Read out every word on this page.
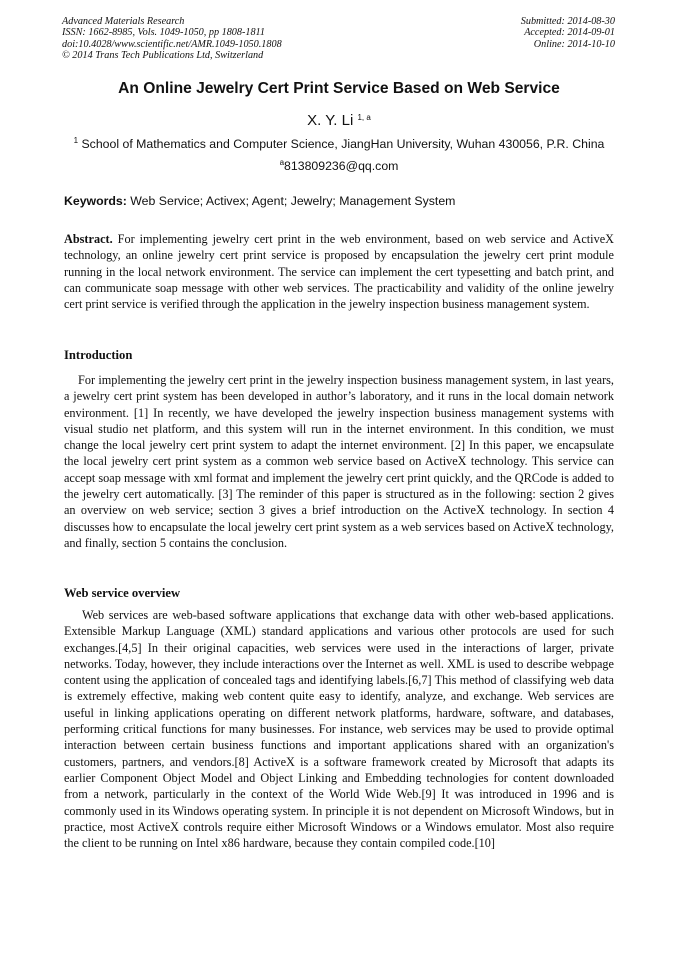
Advanced Materials Research
ISSN: 1662-8985, Vols. 1049-1050, pp 1808-1811
doi:10.4028/www.scientific.net/AMR.1049-1050.1808
© 2014 Trans Tech Publications Ltd, Switzerland
Submitted: 2014-08-30
Accepted: 2014-09-01
Online: 2014-10-10
An Online Jewelry Cert Print Service Based on Web Service
X. Y. Li $^{1, a}$
$^1$ School of Mathematics and Computer Science, JiangHan University, Wuhan 430056, P.R. China
$^a$813809236@qq.com
Keywords: Web Service; Activex; Agent; Jewelry; Management System

Abstract. For implementing jewelry cert print in the web environment, based on web service and ActiveX technology, an online jewelry cert print service is proposed by encapsulation the jewelry cert print module running in the local network environment. The service can implement the cert typesetting and batch print, and can communicate soap message with other web services. The practicability and validity of the online jewelry cert print service is verified through the application in the jewelry inspection business management system.

Introduction

For implementing the jewelry cert print in the jewelry inspection business management system, in last years, a jewelry cert print system has been developed in author’s laboratory, and it runs in the local domain network environment. [1] In recently, we have developed the jewelry inspection business management systems with visual studio net platform, and this system will run in the internet environment. In this condition, we must change the local jewelry cert print system to adapt the internet environment. [2] In this paper, we encapsulate the local jewelry cert print system as a common web service based on ActiveX technology. This service can accept soap message with xml format and implement the jewelry cert print quickly, and the QRCode is added to the jewelry cert automatically. [3] The reminder of this paper is structured as in the following: section 2 gives an overview on web service; section 3 gives a brief introduction on the ActiveX technology. In section 4 discusses how to encapsulate the local jewelry cert print system as a web services based on ActiveX technology, and finally, section 5 contains the conclusion.

Web service overview

Web services are web-based software applications that exchange data with other web-based applications. Extensible Markup Language (XML) standard applications and various other protocols are used for such exchanges.[4,5] In their original capacities, web services were used in the interactions of larger, private networks. Today, however, they include interactions over the Internet as well. XML is used to describe webpage content using the application of concealed tags and identifying labels.[6,7] This method of classifying web data is extremely effective, making web content quite easy to identify, analyze, and exchange. Web services are useful in linking applications operating on different network platforms, hardware, software, and databases, performing critical functions for many businesses. For instance, web services may be used to provide optimal interaction between certain business functions and important applications shared with an organization's customers, partners, and vendors.[8] ActiveX is a software framework created by Microsoft that adapts its earlier Component Object Model and Object Linking and Embedding technologies for content downloaded from a network, particularly in the context of the World Wide Web.[9] It was introduced in 1996 and is commonly used in its Windows operating system. In principle it is not dependent on Microsoft Windows, but in practice, most ActiveX controls require either Microsoft Windows or a Windows emulator. Most also require the client to be running on Intel x86 hardware, because they contain compiled code.[10]
